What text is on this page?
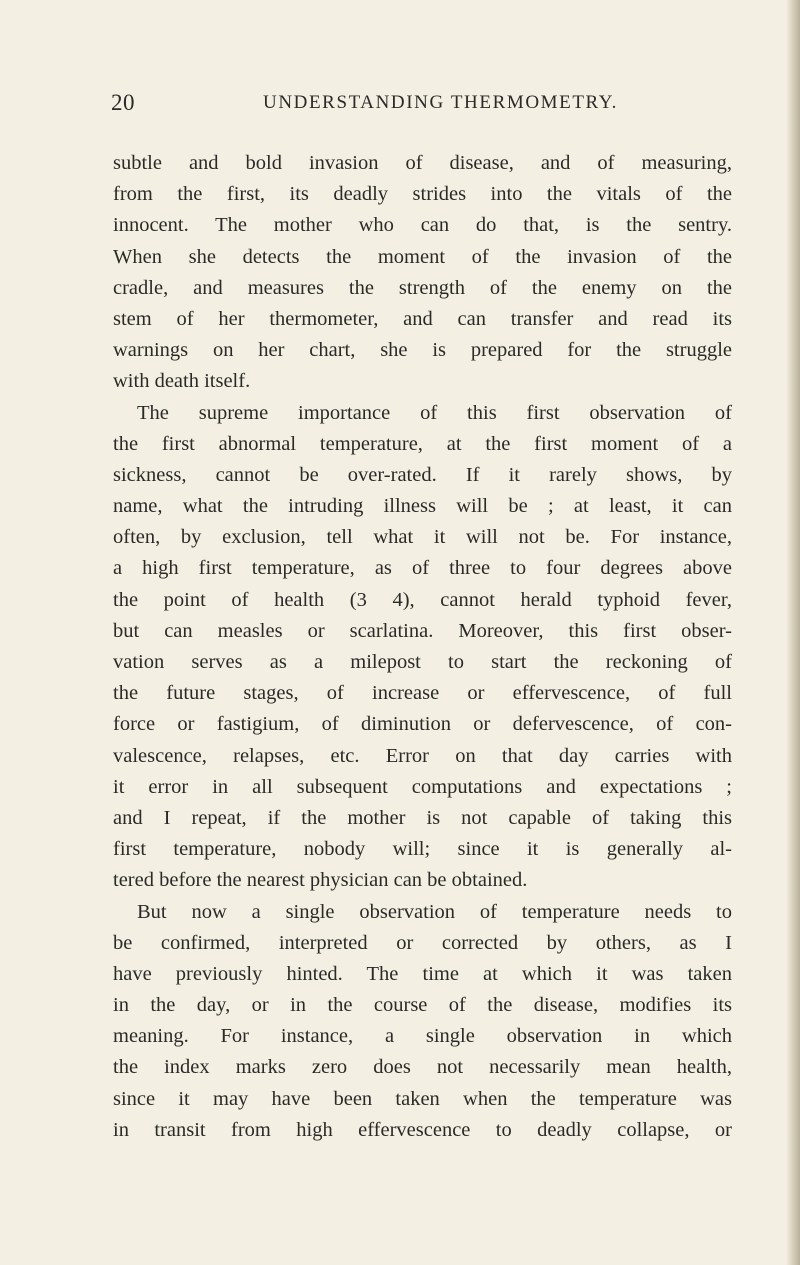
20	UNDERSTANDING THERMOMETRY.
subtle and bold invasion of disease, and of measuring,
from the first, its deadly strides into the vitals of the
innocent. The mother who can do that, is the sentry.
When she detects the moment of the invasion of the
cradle, and measures the strength of the enemy on the
stem of her thermometer, and can transfer and read its
warnings on her chart, she is prepared for the struggle
with death itself.
The supreme importance of this first observation of
the first abnormal temperature, at the first moment of a
sickness, cannot be over-rated. If it rarely shows, by
name, what the intruding illness will be ; at least, it can
often, by exclusion, tell what it will not be. For instance,
a high first temperature, as of three to four degrees above
the point of health (3 4), cannot herald typhoid fever,
but can measles or scarlatina. Moreover, this first obser-
vation serves as a milepost to start the reckoning of
the future stages, of increase or effervescence, of full
force or fastigium, of diminution or defervescence, of con-
valescence, relapses, etc. Error on that day carries with
it error in all subsequent computations and expectations ;
and I repeat, if the mother is not capable of taking this
first temperature, nobody will; since it is generally al-
tered before the nearest physician can be obtained.
But now a single observation of temperature needs to
be confirmed, interpreted or corrected by others, as I
have previously hinted. The time at which it was taken
in the day, or in the course of the disease, modifies its
meaning. For instance, a single observation in which
the index marks zero does not necessarily mean health,
since it may have been taken when the temperature was
in transit from high effervescence to deadly collapse, or
